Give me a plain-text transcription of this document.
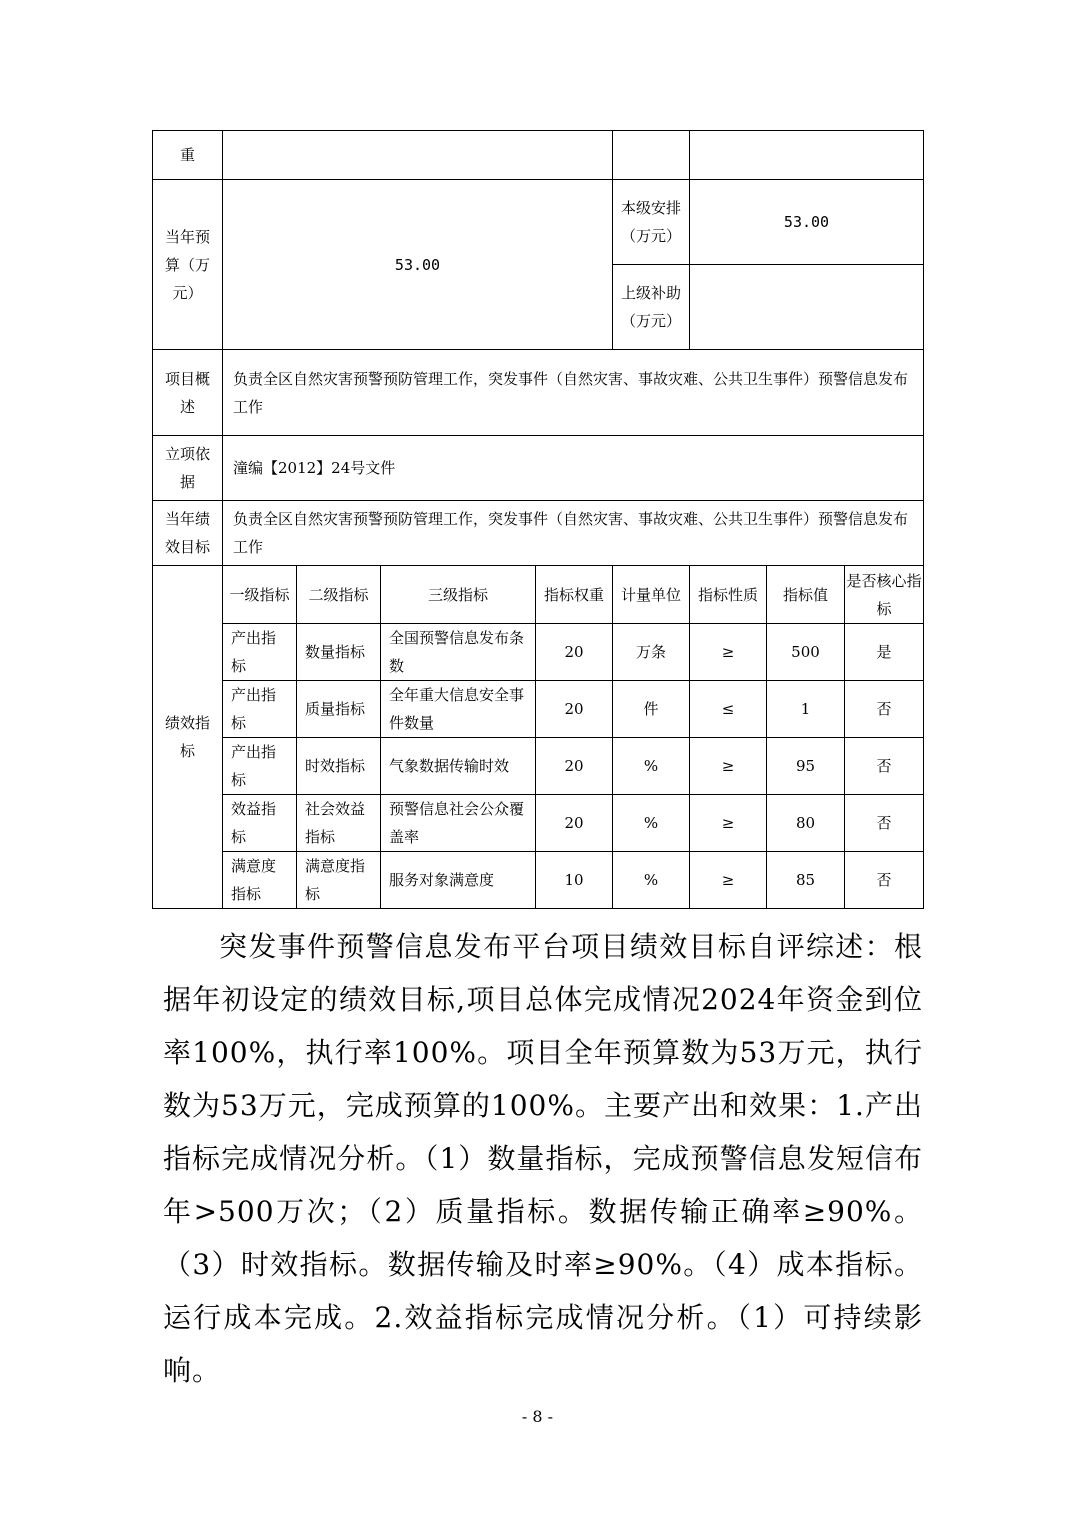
重								
当年预算（万元）	53.00				本级安排（万元）	53.00		
					上级补助（万元）			
项目概述	负责全区自然灾害预警预防管理工作，突发事件（自然灾害、事故灾难、公共卫生事件）预警信息发布工作							
立项依据	潼编【2012】24号文件							
当年绩效目标	负责全区自然灾害预警预防管理工作，突发事件（自然灾害、事故灾难、公共卫生事件）预警信息发布工作							
绩效指标	一级指标	二级指标	三级指标	指标权重	计量单位	指标性质	指标值	是否核心指标
	产出指标	数量指标	全国预警信息发布条数	20	万条	≥	500	是
	产出指标	质量指标	全年重大信息安全事件数量	20	件	≤	1	否
	产出指标	时效指标	气象数据传输时效	20	%	≥	95	否
	效益指标	社会效益指标	预警信息社会公众覆盖率	20	%	≥	80	否
	满意度指标	满意度指标	服务对象满意度	10	%	≥	85	否

突发事件预警信息发布平台项目绩效目标自评综述：根据年初设定的绩效目标,项目总体完成情况2024年资金到位率100%，执行率100%。项目全年预算数为53万元，执行数为53万元，完成预算的100%。主要产出和效果：1.产出指标完成情况分析。（1）数量指标，完成预警信息发短信布年>500万次；（2）质量指标。数据传输正确率≥90%。（3）时效指标。数据传输及时率≥90%。（4）成本指标。运行成本完成。2.效益指标完成情况分析。（1）可持续影响。

- 8 -
